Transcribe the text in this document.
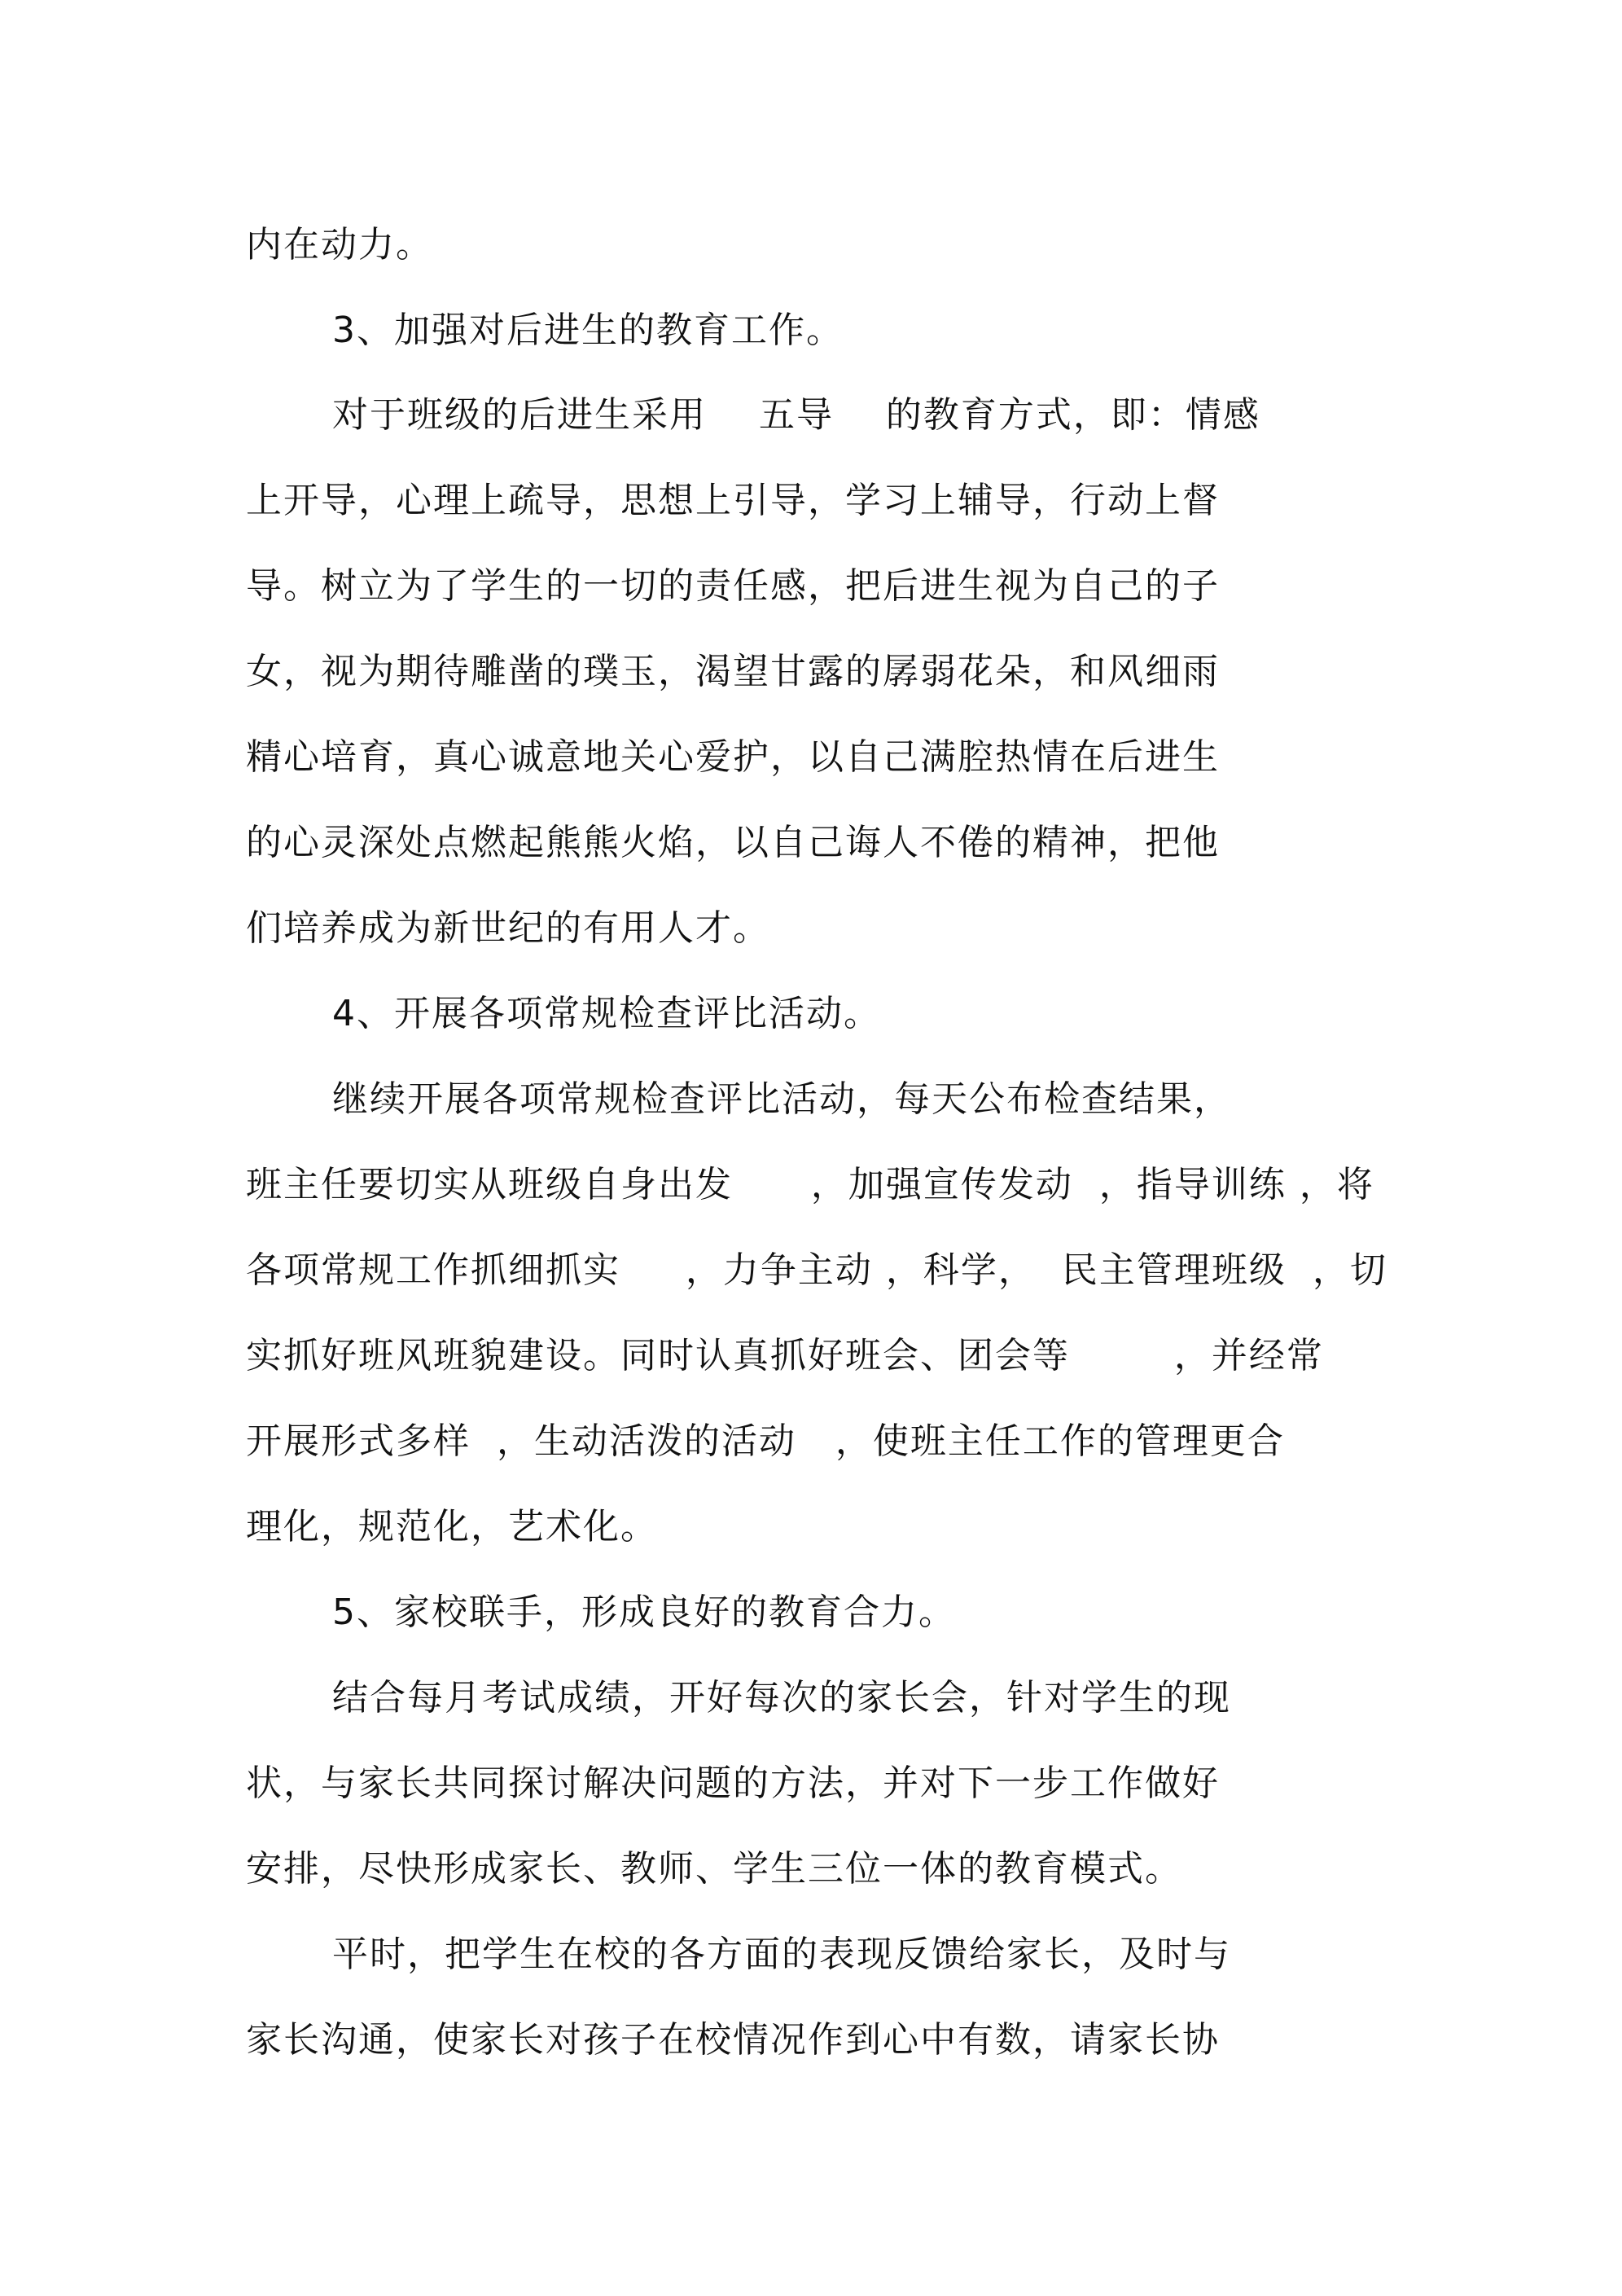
内在动力。
3、加强对后进生的教育工作。
对于班级的后进生采用    五导    的教育方式，即：情感
上开导，心理上疏导，思想上引导，学习上辅导，行动上督
导。树立为了学生的一切的责任感，把后进生视为自己的子
女，视为期待雕凿的璞玉，渴望甘露的孱弱花朵，和风细雨
精心培育，真心诚意地关心爱护，以自己满腔热情在后进生
的心灵深处点燃起熊熊火焰，以自己诲人不倦的精神，把他
们培养成为新世纪的有用人才。
4、开展各项常规检查评比活动。
继续开展各项常规检查评比活动，每天公布检查结果，
班主任要切实从班级自身出发      ，加强宣传发动  ，指导训练 ，将
各项常规工作抓细抓实     ，力争主动 ，科学，  民主管理班级  ，切
实抓好班风班貌建设。同时认真抓好班会、团会等        ，并经常
开展形式多样  ，生动活泼的活动   ，使班主任工作的管理更合
理化，规范化，艺术化。
5、家校联手，形成良好的教育合力。
结合每月考试成绩，开好每次的家长会，针对学生的现
状，与家长共同探讨解决问题的方法，并对下一步工作做好
安排，尽快形成家长、教师、学生三位一体的教育模式。
平时，把学生在校的各方面的表现反馈给家长，及时与
家长沟通，使家长对孩子在校情况作到心中有数，请家长协
